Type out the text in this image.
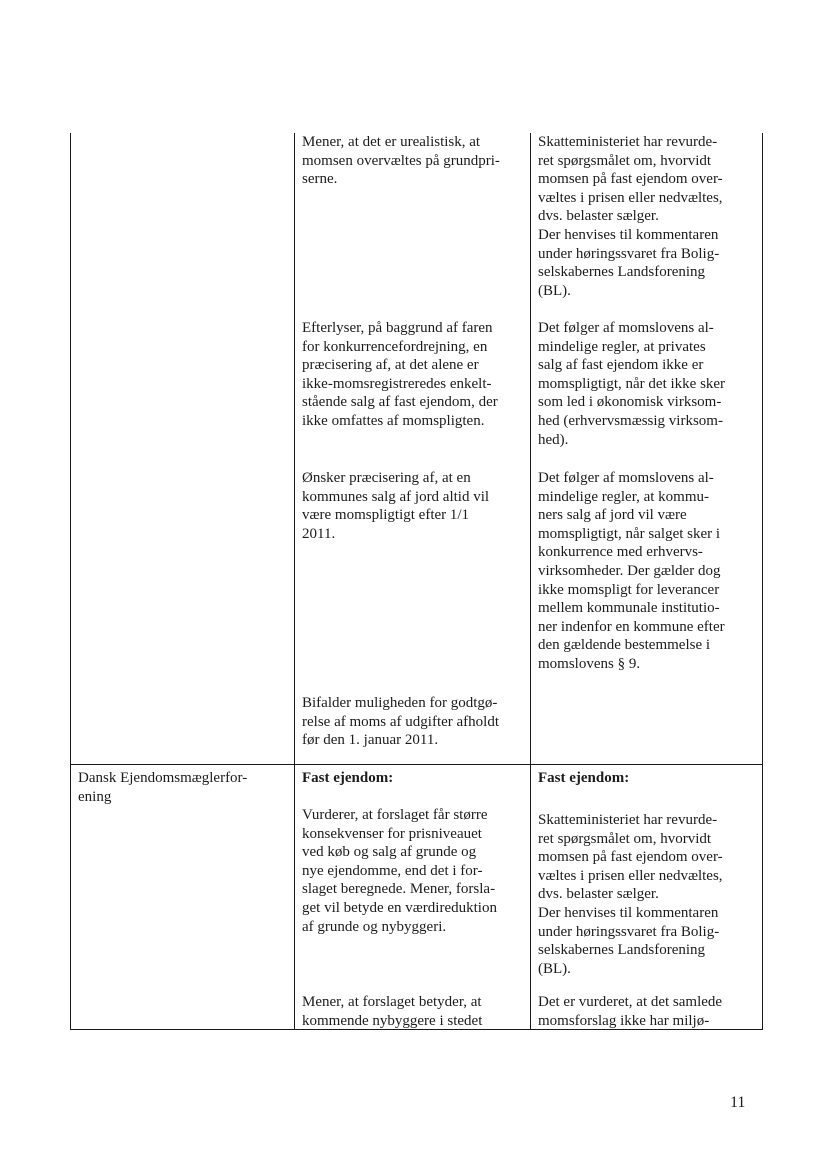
Mener, at det er urealistisk, at
momsen overvæltes på grundpri-
serne.

Skatteministeriet har revurde-
ret spørgsmålet om, hvorvidt
momsen på fast ejendom over-
væltes i prisen eller nedvæltes,
dvs. belaster sælger.
Der henvises til kommentaren
under høringssvaret fra Bolig-
selskabernes Landsforening
(BL).

Efterlyser, på baggrund af faren
for konkurrencefordrejning, en
præcisering af, at det alene er
ikke-momsregistreredes enkelt-
stående salg af fast ejendom, der
ikke omfattes af momspligten.

Det følger af momslovens al-
mindelige regler, at privates
salg af fast ejendom ikke er
momspligtigt, når det ikke sker
som led i økonomisk virksom-
hed (erhvervsmæssig virksom-
hed).

Ønsker præcisering af, at en
kommunes salg af jord altid vil
være momspligtigt efter 1/1
2011.

Det følger af momslovens al-
mindelige regler, at kommu-
ners salg af jord vil være
momspligtigt, når salget sker i
konkurrence med erhvervs-
virksomheder. Der gælder dog
ikke momspligt for leverancer
mellem kommunale institutio-
ner indenfor en kommune efter
den gældende bestemmelse i
momslovens § 9.

Bifalder muligheden for godtgø-
relse af moms af udgifter afholdt
før den 1. januar 2011.

Dansk Ejendomsmæglerfor-
ening

Fast ejendom:	Fast ejendom:

Vurderer, at forslaget får større
konsekvenser for prisniveauet
ved køb og salg af grunde og
nye ejendomme, end det i for-
slaget beregnede. Mener, forsla-
get vil betyde en værdireduktion
af grunde og nybyggeri.

Skatteministeriet har revurde-
ret spørgsmålet om, hvorvidt
momsen på fast ejendom over-
væltes i prisen eller nedvæltes,
dvs. belaster sælger.
Der henvises til kommentaren
under høringssvaret fra Bolig-
selskabernes Landsforening
(BL).

Mener, at forslaget betyder, at
kommende nybyggere i stedet

Det er vurderet, at det samlede
momsforslag ikke har miljø-

11
